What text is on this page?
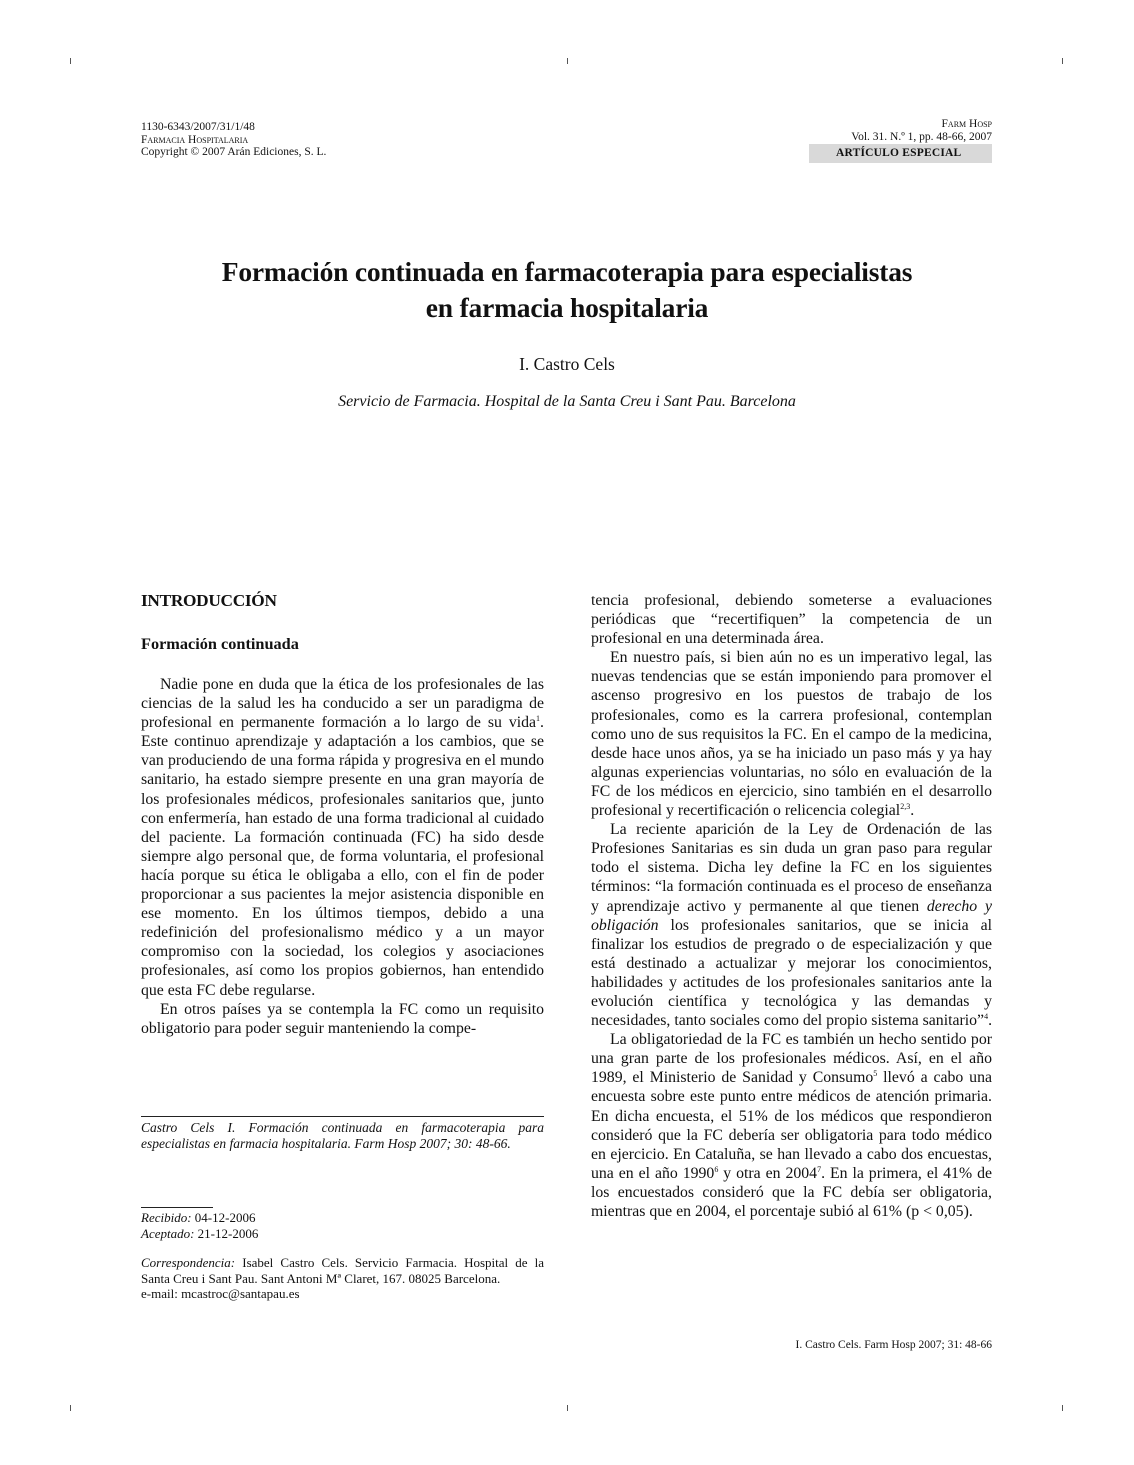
1130-6343/2007/31/1/48
Farmacia Hospitalaria
Copyright © 2007 Arán Ediciones, S. L.
Farm Hosp
Vol. 31. N.º 1, pp. 48-66, 2007
ARTÍCULO ESPECIAL
Formación continuada en farmacoterapia para especialistas
en farmacia hospitalaria
I. Castro Cels
Servicio de Farmacia. Hospital de la Santa Creu i Sant Pau. Barcelona
INTRODUCCIÓN
Formación continuada

Nadie pone en duda que la ética de los profesionales de las ciencias de la salud les ha conducido a ser un paradigma de profesional en permanente formación a lo largo de su vida$^1$. Este continuo aprendizaje y adaptación a los cambios, que se van produciendo de una forma rápida y progresiva en el mundo sanitario, ha estado siempre presente en una gran mayoría de los profesionales médicos, profesionales sanitarios que, junto con enfermería, han estado de una forma tradicional al cuidado del paciente. La formación continuada (FC) ha sido desde siempre algo personal que, de forma voluntaria, el profesional hacía porque su ética le obligaba a ello, con el fin de poder proporcionar a sus pacientes la mejor asistencia disponible en ese momento. En los últimos tiempos, debido a una redefinición del profesionalismo médico y a un mayor compromiso con la sociedad, los colegios y asociaciones profesionales, así como los propios gobiernos, han entendido que esta FC debe regularse.

En otros países ya se contempla la FC como un requisito obligatorio para poder seguir manteniendo la compe-

Castro Cels I. Formación continuada en farmacoterapia para especialistas en farmacia hospitalaria. Farm Hosp 2007; 30: 48-66.
Recibido: 04-12-2006
Aceptado: 21-12-2006
Correspondencia: Isabel Castro Cels. Servicio Farmacia. Hospital de la Santa Creu i Sant Pau. Sant Antoni Mª Claret, 167. 08025 Barcelona.
e-mail: mcastroc@santapau.es

tencia profesional, debiendo someterse a evaluaciones periódicas que “recertifiquen” la competencia de un profesional en una determinada área.

En nuestro país, si bien aún no es un imperativo legal, las nuevas tendencias que se están imponiendo para promover el ascenso progresivo en los puestos de trabajo de los profesionales, como es la carrera profesional, contemplan como uno de sus requisitos la FC. En el campo de la medicina, desde hace unos años, ya se ha iniciado un paso más y ya hay algunas experiencias voluntarias, no sólo en evaluación de la FC de los médicos en ejercicio, sino también en el desarrollo profesional y recertificación o relicencia colegial$^{2,3}$.

La reciente aparición de la Ley de Ordenación de las Profesiones Sanitarias es sin duda un gran paso para regular todo el sistema. Dicha ley define la FC en los siguientes términos: “la formación continuada es el proceso de enseñanza y aprendizaje activo y permanente al que tienen derecho y obligación los profesionales sanitarios, que se inicia al finalizar los estudios de pregrado o de especialización y que está destinado a actualizar y mejorar los conocimientos, habilidades y actitudes de los profesionales sanitarios ante la evolución científica y tecnológica y las demandas y necesidades, tanto sociales como del propio sistema sanitario”$^4$.

La obligatoriedad de la FC es también un hecho sentido por una gran parte de los profesionales médicos. Así, en el año 1989, el Ministerio de Sanidad y Consumo$^5$ llevó a cabo una encuesta sobre este punto entre médicos de atención primaria. En dicha encuesta, el 51% de los médicos que respondieron consideró que la FC debería ser obligatoria para todo médico en ejercicio. En Cataluña, se han llevado a cabo dos encuestas, una en el año 1990$^6$ y otra en 2004$^7$. En la primera, el 41% de los encuestados consideró que la FC debía ser obligatoria, mientras que en 2004, el porcentaje subió al 61% (p < 0,05).

I. Castro Cels. Farm Hosp 2007; 31: 48-66
